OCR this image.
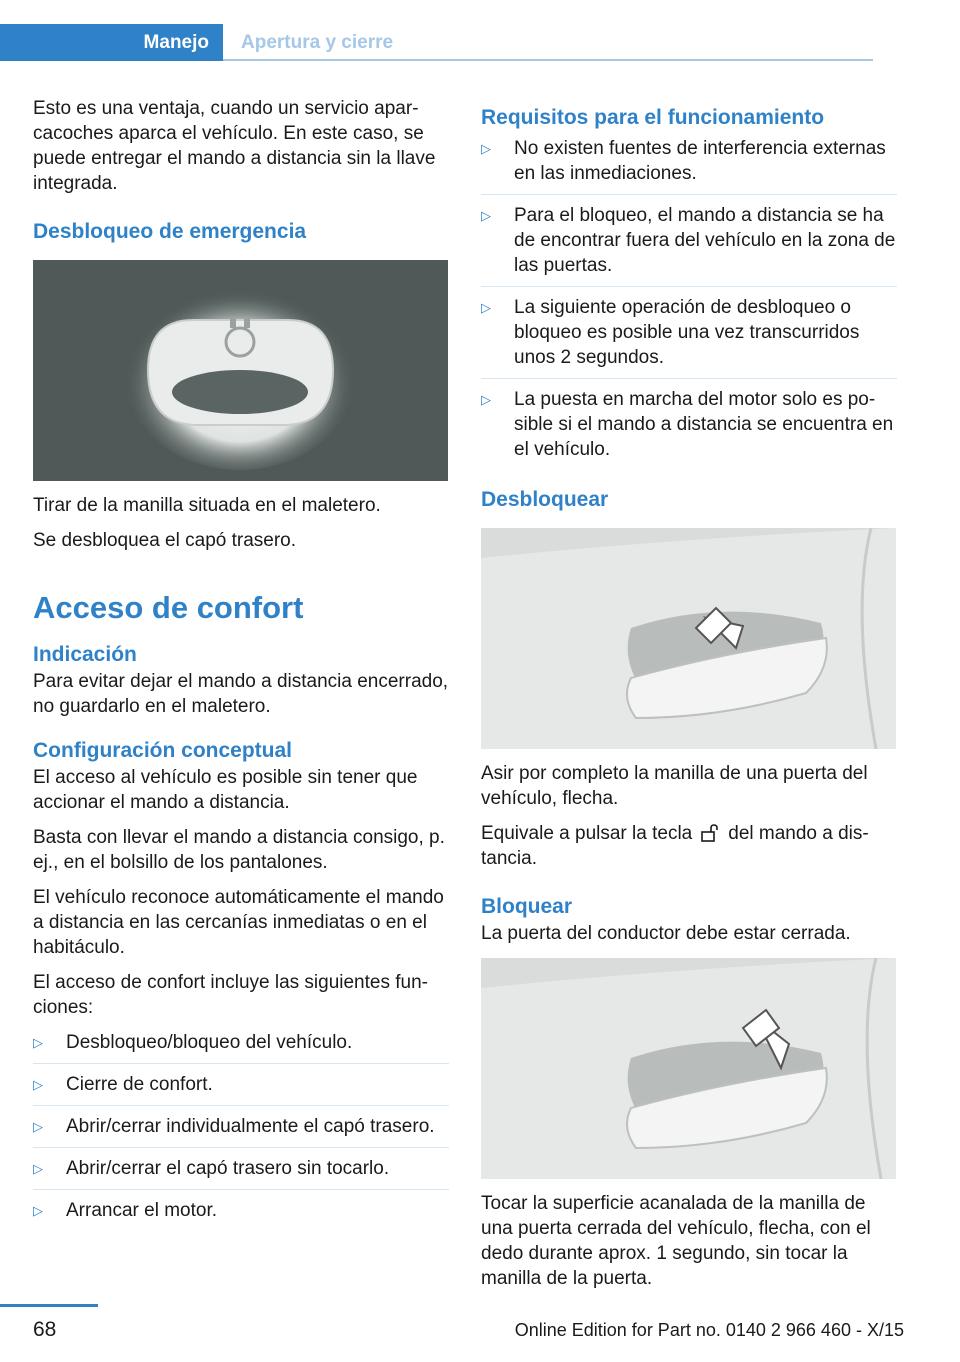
Manejo	Apertura y cierre

Esto es una ventaja, cuando un servicio aparcacoches aparca el vehículo. En este caso, se puede entregar el mando a distancia sin la llave integrada.

Desbloqueo de emergencia

Tirar de la manilla situada en el maletero.

Se desbloquea el capó trasero.

Acceso de confort
Indicación

Para evitar dejar el mando a distancia encerrado, no guardarlo en el maletero.

Configuración conceptual

El acceso al vehículo es posible sin tener que accionar el mando a distancia.

Basta con llevar el mando a distancia consigo, p. ej., en el bolsillo de los pantalones.

El vehículo reconoce automáticamente el mando a distancia en las cercanías inmediatas o en el habitáculo.

El acceso de confort incluye las siguientes funciones:

▷ Desbloqueo/bloqueo del vehículo.
▷ Cierre de confort.
▷ Abrir/cerrar individualmente el capó trasero.
▷ Abrir/cerrar el capó trasero sin tocarlo.
▷ Arrancar el motor.
Requisitos para el funcionamiento
▷ No existen fuentes de interferencia externas en las inmediaciones.
▷ Para el bloqueo, el mando a distancia se ha de encontrar fuera del vehículo en la zona de las puertas.
▷ La siguiente operación de desbloqueo o bloqueo es posible una vez transcurridos unos 2 segundos.
▷ La puesta en marcha del motor solo es posible si el mando a distancia se encuentra en el vehículo.
Desbloquear

Asir por completo la manilla de una puerta del vehículo, flecha.

Equivale a pulsar la tecla del mando a distancia.

Bloquear

La puerta del conductor debe estar cerrada.

Tocar la superficie acanalada de la manilla de una puerta cerrada del vehículo, flecha, con el dedo durante aprox. 1 segundo, sin tocar la manilla de la puerta.

68	Online Edition for Part no. 0140 2 966 460 - X/15
